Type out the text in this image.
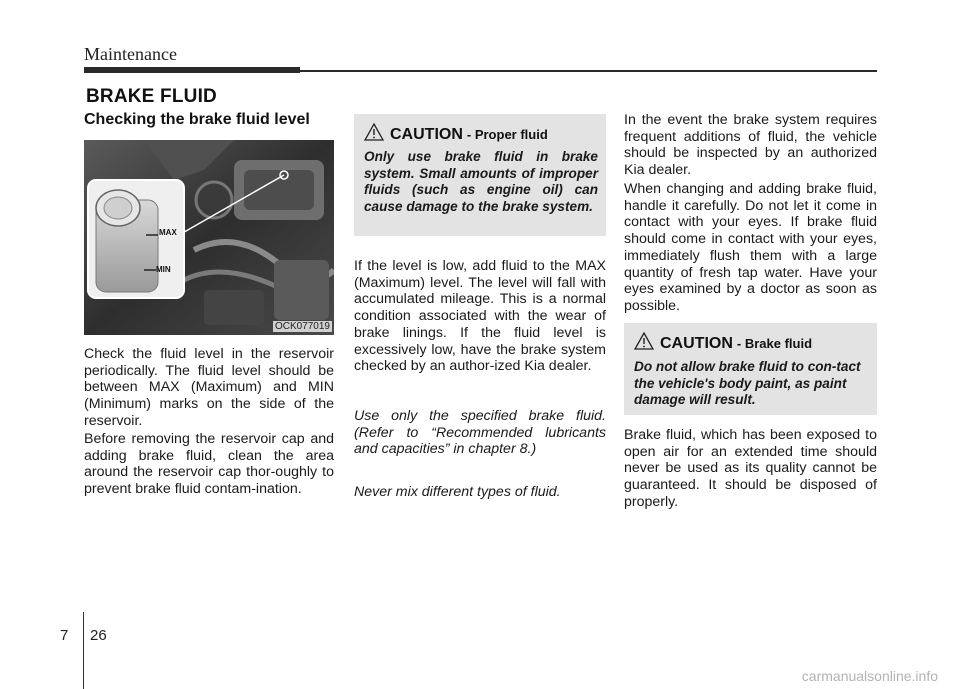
Maintenance
BRAKE FLUID
Checking the brake fluid level
MAX
MIN
OCK077019
Check the fluid level in the reservoir periodically. The fluid level should be between MAX (Maximum) and MIN (Minimum) marks on the side of the reservoir.
Before removing the reservoir cap and adding brake fluid, clean the area around the reservoir cap thor-oughly to prevent brake fluid contam-ination.
CAUTION - Proper fluid
Only use brake fluid in brake system. Small amounts of improper fluids (such as engine oil) can cause damage to the brake system.
If the level is low, add fluid to the MAX (Maximum) level. The level will fall with accumulated mileage. This is a normal condition associated with the wear of brake linings. If the fluid level is excessively low, have the brake system checked by an author-ized Kia dealer.
Use only the specified brake fluid. (Refer to “Recommended lubricants and capacities” in chapter 8.)
Never mix different types of fluid.
In the event the brake system requires frequent additions of fluid, the vehicle should be inspected by an authorized Kia dealer.
When changing and adding brake fluid, handle it carefully. Do not let it come in contact with your eyes. If brake fluid should come in contact with your eyes, immediately flush them with a large quantity of fresh tap water. Have your eyes examined by a doctor as soon as possible.
CAUTION - Brake fluid
Do not allow brake fluid to con-tact the vehicle's body paint, as paint damage will result.
Brake fluid, which has been exposed to open air for an extended time should never be used as its quality cannot be guaranteed. It should be disposed of properly.
7 26
carmanualsonline.info
